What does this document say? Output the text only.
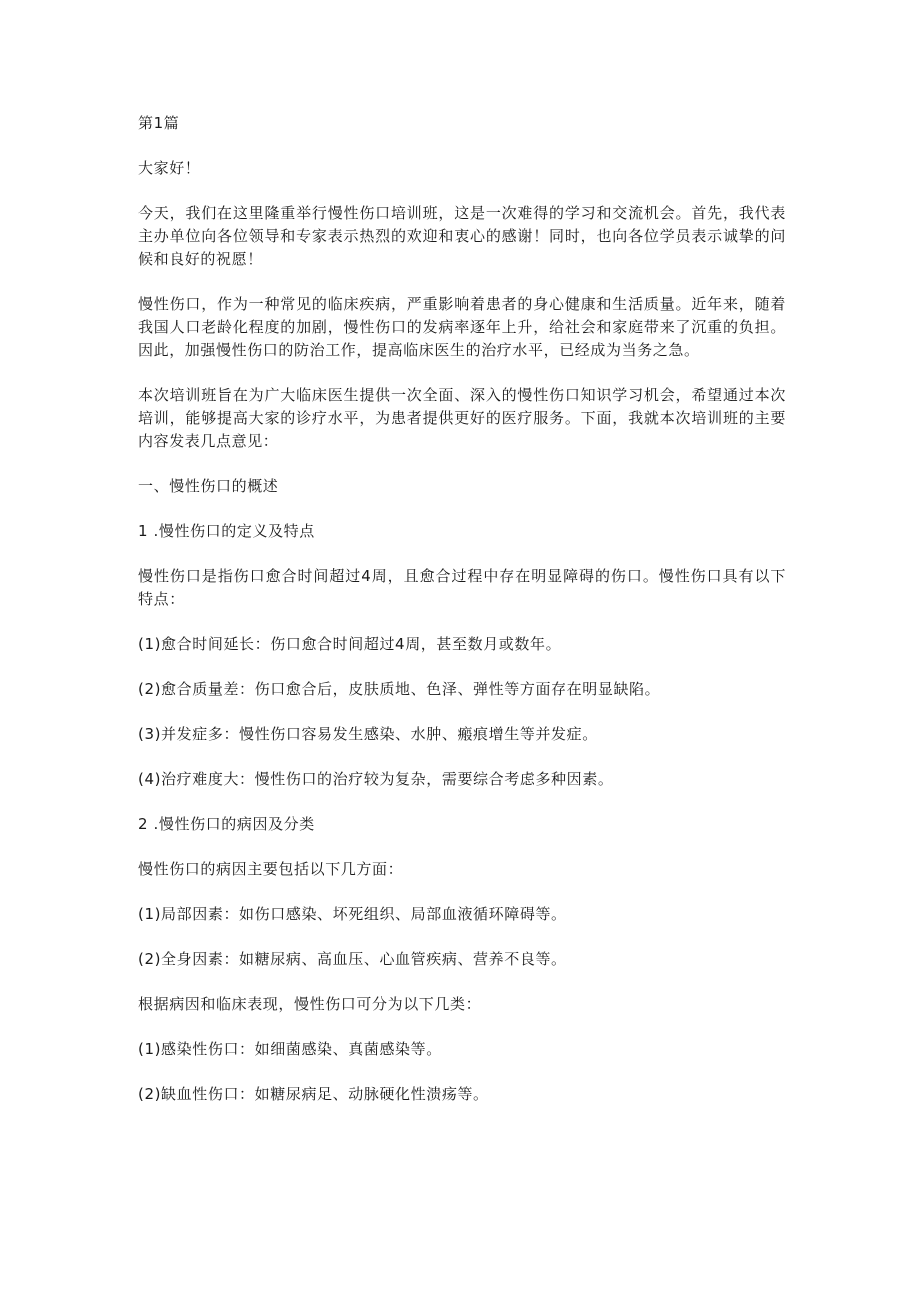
第1篇

大家好！

今天，我们在这里隆重举行慢性伤口培训班，这是一次难得的学习和交流机会。首先，我代表主办单位向各位领导和专家表示热烈的欢迎和衷心的感谢！同时，也向各位学员表示诚挚的问候和良好的祝愿！

慢性伤口，作为一种常见的临床疾病，严重影响着患者的身心健康和生活质量。近年来，随着我国人口老龄化程度的加剧，慢性伤口的发病率逐年上升，给社会和家庭带来了沉重的负担。因此，加强慢性伤口的防治工作，提高临床医生的治疗水平，已经成为当务之急。

本次培训班旨在为广大临床医生提供一次全面、深入的慢性伤口知识学习机会，希望通过本次培训，能够提高大家的诊疗水平，为患者提供更好的医疗服务。下面，我就本次培训班的主要内容发表几点意见：

一、慢性伤口的概述

1 .慢性伤口的定义及特点

慢性伤口是指伤口愈合时间超过4周，且愈合过程中存在明显障碍的伤口。慢性伤口具有以下特点：

(1)愈合时间延长：伤口愈合时间超过4周，甚至数月或数年。

(2)愈合质量差：伤口愈合后，皮肤质地、色泽、弹性等方面存在明显缺陷。

(3)并发症多：慢性伤口容易发生感染、水肿、瘢痕增生等并发症。

(4)治疗难度大：慢性伤口的治疗较为复杂，需要综合考虑多种因素。

2 .慢性伤口的病因及分类

慢性伤口的病因主要包括以下几方面：

(1)局部因素：如伤口感染、坏死组织、局部血液循环障碍等。

(2)全身因素：如糖尿病、高血压、心血管疾病、营养不良等。

根据病因和临床表现，慢性伤口可分为以下几类：

(1)感染性伤口：如细菌感染、真菌感染等。

(2)缺血性伤口：如糖尿病足、动脉硬化性溃疡等。
